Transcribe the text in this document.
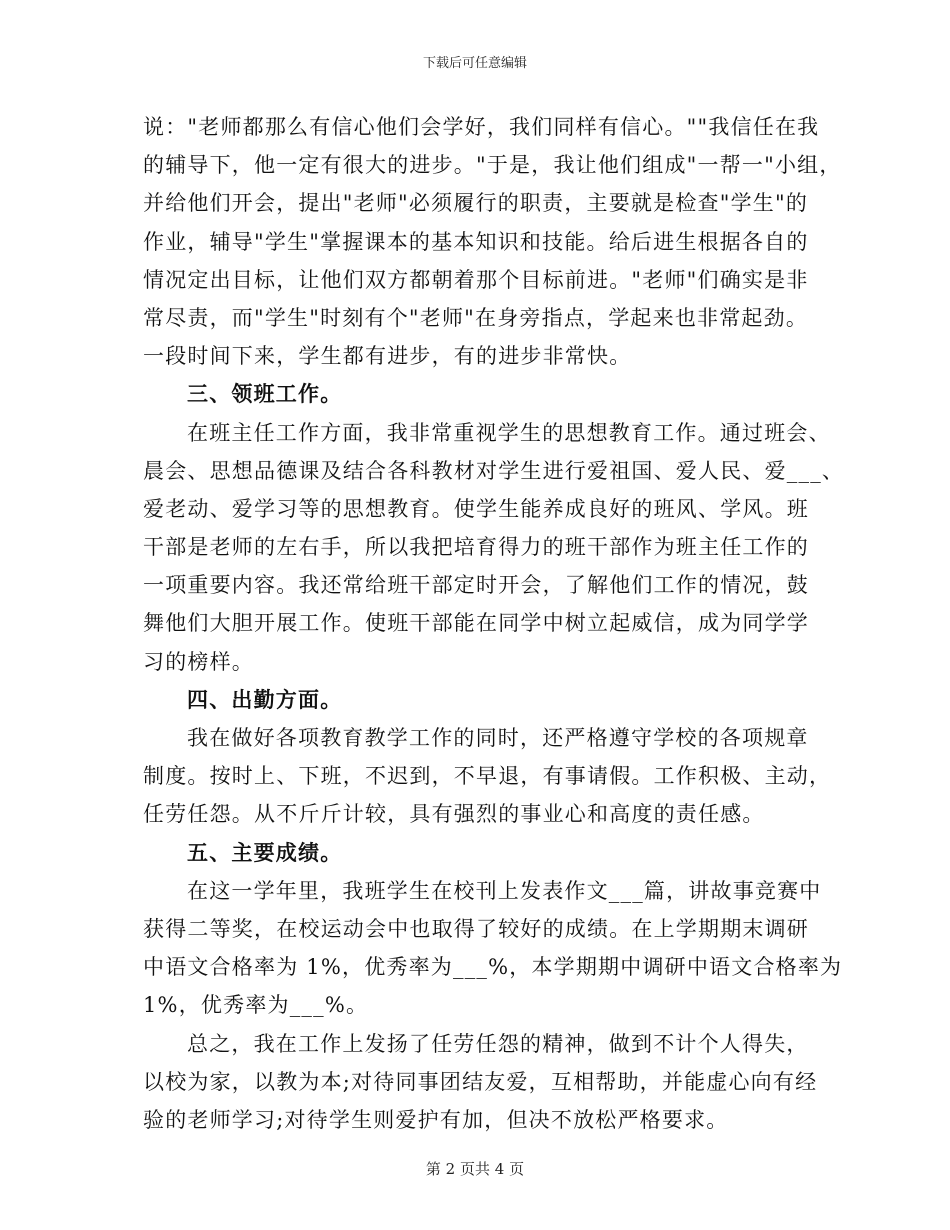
下载后可任意编辑
说："老师都那么有信心他们会学好，我们同样有信心。""我信任在我
的辅导下，他一定有很大的进步。"于是，我让他们组成"一帮一"小组，
并给他们开会，提出"老师"必须履行的职责，主要就是检查"学生"的
作业，辅导"学生"掌握课本的基本知识和技能。给后进生根据各自的
情况定出目标，让他们双方都朝着那个目标前进。"老师"们确实是非
常尽责，而"学生"时刻有个"老师"在身旁指点，学起来也非常起劲。
一段时间下来，学生都有进步，有的进步非常快。
三、领班工作。
在班主任工作方面，我非常重视学生的思想教育工作。通过班会、
晨会、思想品德课及结合各科教材对学生进行爱祖国、爱人民、爱___、
爱老动、爱学习等的思想教育。使学生能养成良好的班风、学风。班
干部是老师的左右手，所以我把培育得力的班干部作为班主任工作的
一项重要内容。我还常给班干部定时开会，了解他们工作的情况，鼓
舞他们大胆开展工作。使班干部能在同学中树立起威信，成为同学学
习的榜样。
四、出勤方面。
我在做好各项教育教学工作的同时，还严格遵守学校的各项规章
制度。按时上、下班，不迟到，不早退，有事请假。工作积极、主动，
任劳任怨。从不斤斤计较，具有强烈的事业心和高度的责任感。
五、主要成绩。
在这一学年里，我班学生在校刊上发表作文___篇，讲故事竞赛中
获得二等奖，在校运动会中也取得了较好的成绩。在上学期期末调研
中语文合格率为 1%，优秀率为___%，本学期期中调研中语文合格率为
1%，优秀率为___%。
总之，我在工作上发扬了任劳任怨的精神，做到不计个人得失，
以校为家，以教为本;对待同事团结友爱，互相帮助，并能虚心向有经
验的老师学习;对待学生则爱护有加，但决不放松严格要求。
第 2 页共 4 页
